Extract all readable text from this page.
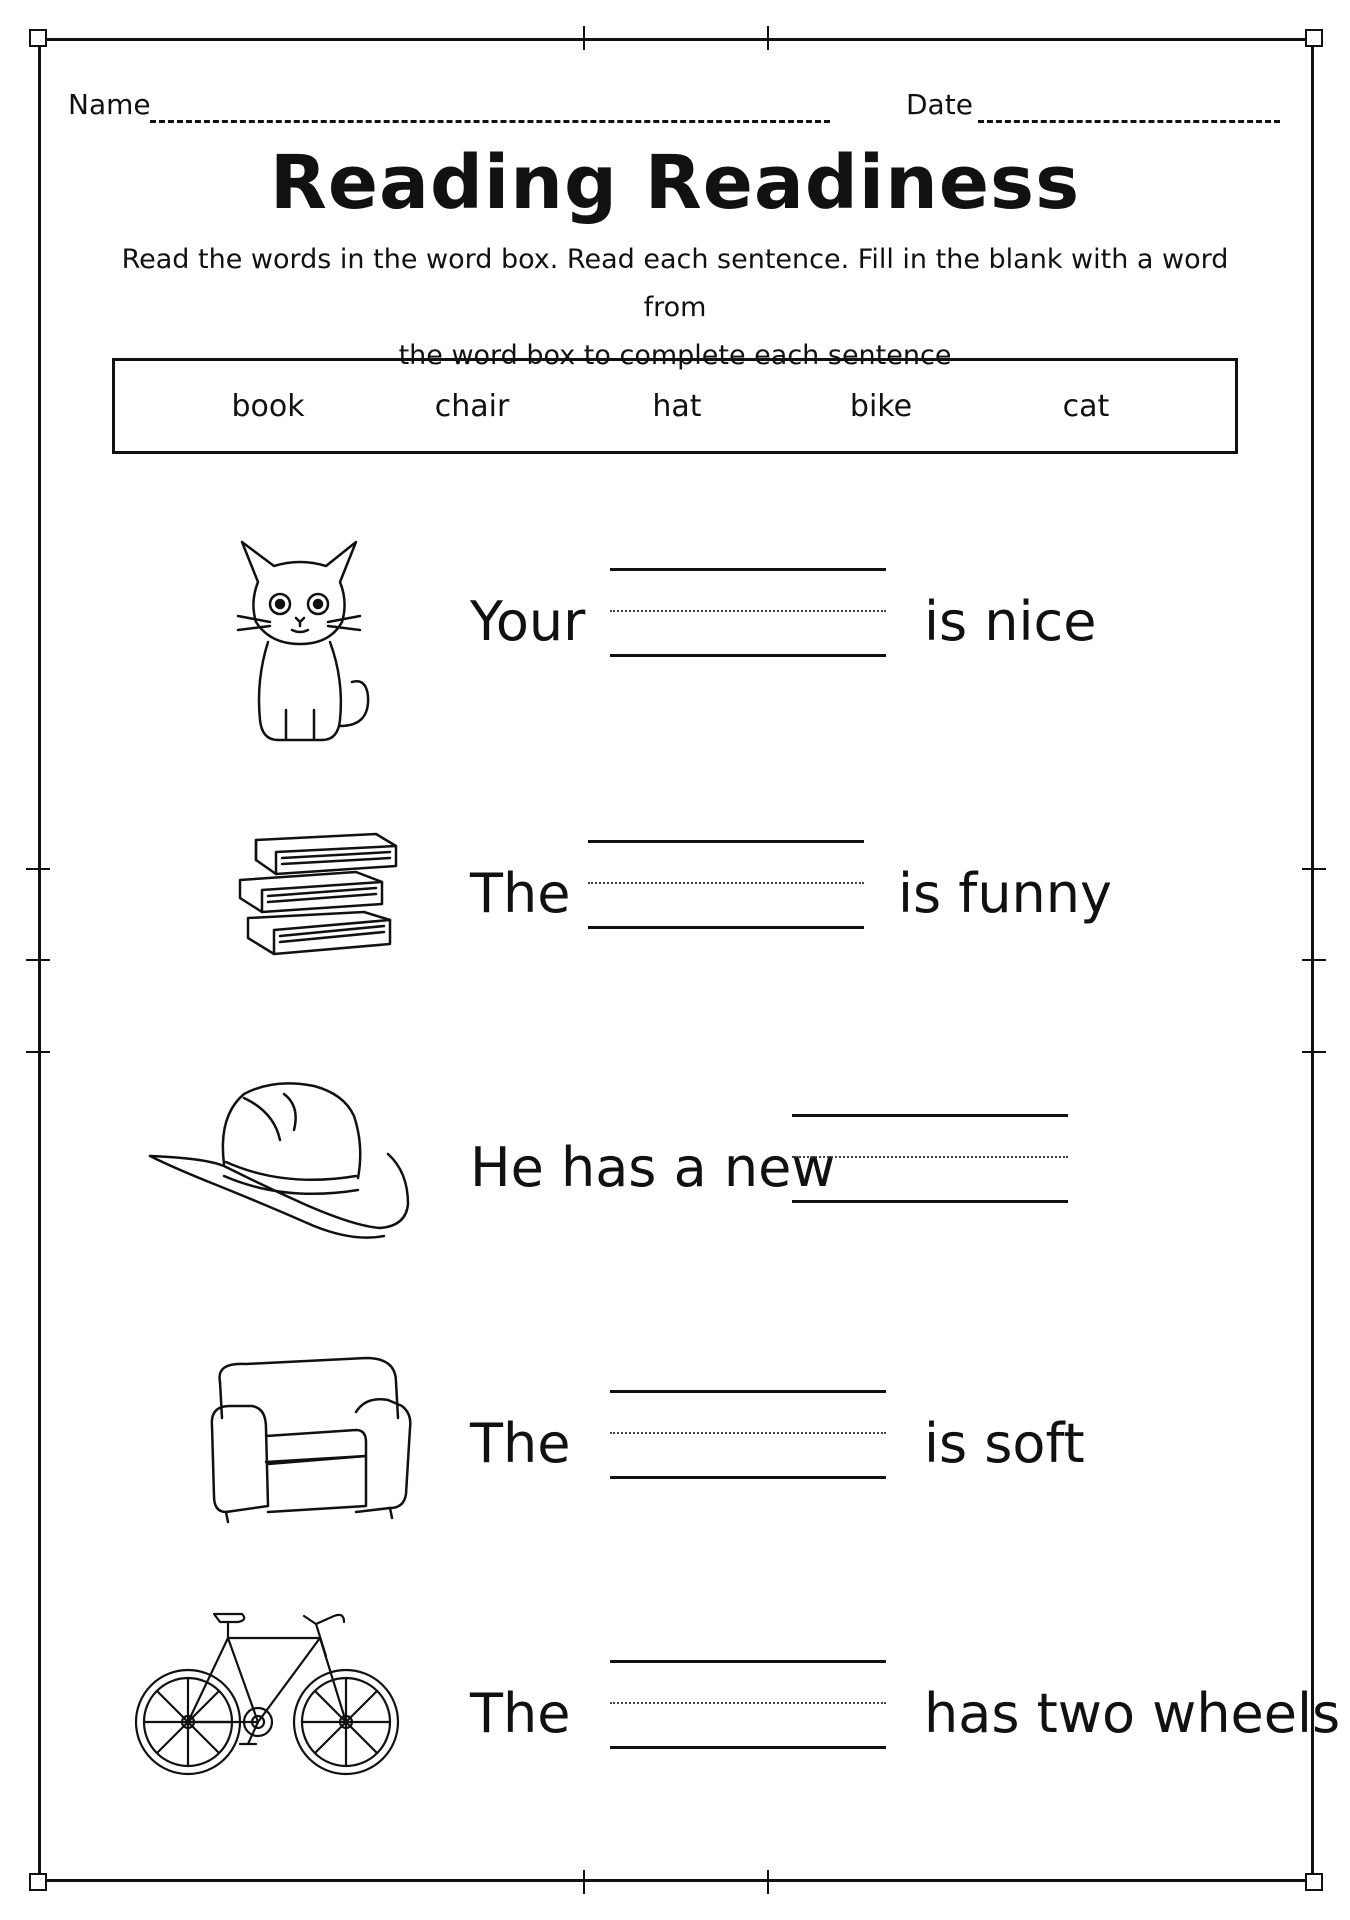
Name	Date
Reading Readiness
Read the words in the word box. Read each sentence. Fill in the blank with a word from
the word box to complete each sentence
book	chair	hat	bike	cat
Your	is nice
The	is funny
He has a new
The	is soft
The	has two wheels
